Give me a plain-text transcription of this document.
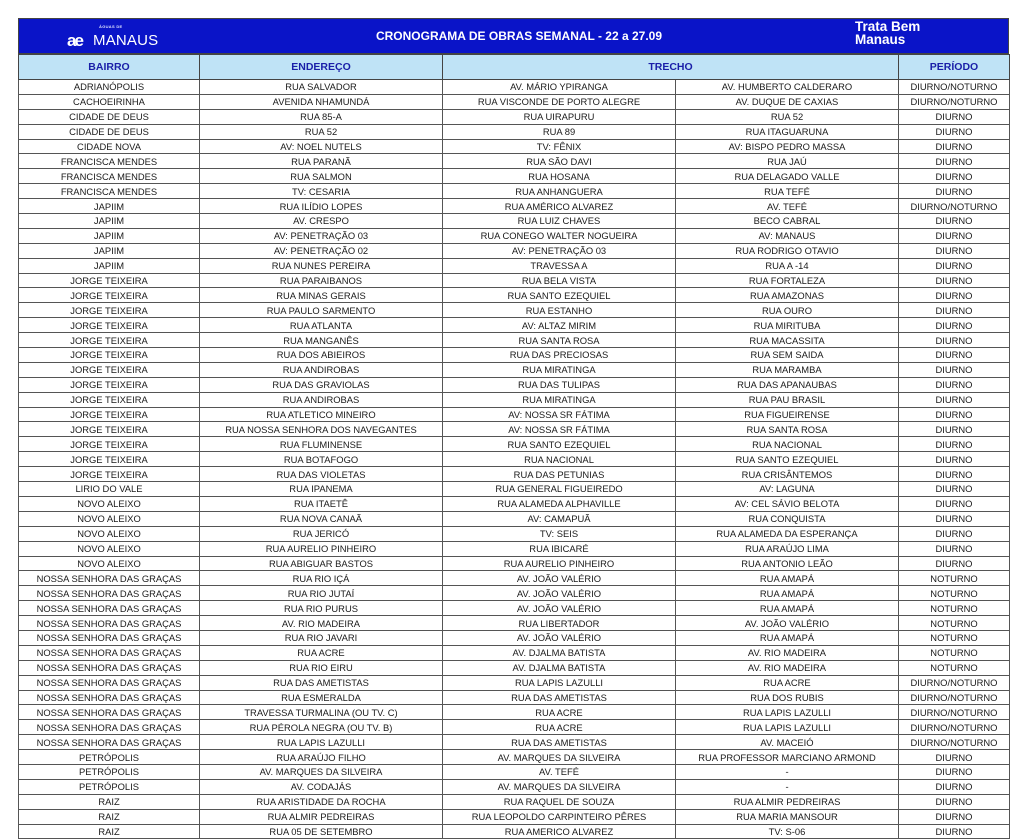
ÁGUAS DE
ae MANAUS	CRONOGRAMA DE OBRAS SEMANAL - 22 a 27.09
Trata Bem
Manaus
BAIRRO	ENDEREÇO	TRECHO		PERÍODO
ADRIANÓPOLIS	RUA SALVADOR	AV. MÁRIO YPIRANGA	AV. HUMBERTO CALDERARO	DIURNO/NOTURNO
CACHOEIRINHA	AVENIDA NHAMUNDÁ	RUA VISCONDE DE PORTO ALEGRE	AV. DUQUE DE CAXIAS	DIURNO/NOTURNO
CIDADE DE DEUS	RUA 85-A	RUA UIRAPURU	RUA 52	DIURNO
CIDADE DE DEUS	RUA 52	RUA 89	RUA ITAGUARUNA	DIURNO
CIDADE NOVA	AV: NOEL NUTELS	TV: FÊNIX	AV: BISPO PEDRO MASSA	DIURNO
FRANCISCA MENDES	RUA PARANÃ	RUA SÃO DAVI	RUA JAÚ	DIURNO
FRANCISCA MENDES	RUA SALMON	RUA HOSANA	RUA DELAGADO VALLE	DIURNO
FRANCISCA MENDES	TV: CESARIA	RUA ANHANGUERA	RUA TEFÉ	DIURNO
JAPIIM	RUA ILÍDIO LOPES	RUA AMÉRICO ALVAREZ	AV. TEFÉ	DIURNO/NOTURNO
JAPIIM	AV. CRESPO	RUA LUIZ CHAVES	BECO CABRAL	DIURNO
JAPIIM	AV: PENETRAÇÃO 03	RUA CONEGO WALTER NOGUEIRA	AV: MANAUS	DIURNO
JAPIIM	AV: PENETRAÇÃO 02	AV: PENETRAÇÃO 03	RUA RODRIGO OTAVIO	DIURNO
JAPIIM	RUA NUNES PEREIRA	TRAVESSA A	RUA A -14	DIURNO
JORGE TEIXEIRA	RUA PARAIBANOS	RUA BELA VISTA	RUA FORTALEZA	DIURNO
JORGE TEIXEIRA	RUA MINAS GERAIS	RUA SANTO EZEQUIEL	RUA AMAZONAS	DIURNO
JORGE TEIXEIRA	RUA PAULO SARMENTO	RUA ESTANHO	RUA OURO	DIURNO
JORGE TEIXEIRA	RUA ATLANTA	AV: ALTAZ MIRIM	RUA MIRITUBA	DIURNO
JORGE TEIXEIRA	RUA MANGANÊS	RUA SANTA ROSA	RUA MACASSITA	DIURNO
JORGE TEIXEIRA	RUA DOS ABIEIROS	RUA DAS PRECIOSAS	RUA SEM SAIDA	DIURNO
JORGE TEIXEIRA	RUA ANDIROBAS	RUA MIRATINGA	RUA MARAMBA	DIURNO
JORGE TEIXEIRA	RUA DAS GRAVIOLAS	RUA DAS TULIPAS	RUA DAS APANAUBAS	DIURNO
JORGE TEIXEIRA	RUA ANDIROBAS	RUA MIRATINGA	RUA PAU BRASIL	DIURNO
JORGE TEIXEIRA	RUA ATLETICO MINEIRO	AV: NOSSA SR FÁTIMA	RUA FIGUEIRENSE	DIURNO
JORGE TEIXEIRA	RUA NOSSA SENHORA DOS NAVEGANTES	AV: NOSSA SR FÁTIMA	RUA SANTA ROSA	DIURNO
JORGE TEIXEIRA	RUA FLUMINENSE	RUA SANTO EZEQUIEL	RUA NACIONAL	DIURNO
JORGE TEIXEIRA	RUA BOTAFOGO	RUA NACIONAL	RUA SANTO EZEQUIEL	DIURNO
JORGE TEIXEIRA	RUA DAS VIOLETAS	RUA DAS PETUNIAS	RUA CRISÂNTEMOS	DIURNO
LIRIO DO VALE	RUA IPANEMA	RUA GENERAL FIGUEIREDO	AV: LAGUNA	DIURNO
NOVO ALEIXO	RUA ITAETÊ	RUA ALAMEDA ALPHAVILLE	AV: CEL SÁVIO BELOTA	DIURNO
NOVO ALEIXO	RUA NOVA CANAÃ	AV: CAMAPUÃ	RUA CONQUISTA	DIURNO
NOVO ALEIXO	RUA JERICÓ	TV: SEIS	RUA ALAMEDA DA ESPERANÇA	DIURNO
NOVO ALEIXO	RUA AURELIO PINHEIRO	RUA IBICARÉ	RUA ARAÚJO LIMA	DIURNO
NOVO ALEIXO	RUA ABIGUAR BASTOS	RUA AURELIO PINHEIRO	RUA ANTONIO LEÃO	DIURNO
NOSSA SENHORA DAS GRAÇAS	RUA RIO IÇÁ	AV. JOÃO VALÉRIO	RUA AMAPÁ	NOTURNO
NOSSA SENHORA DAS GRAÇAS	RUA RIO JUTAÍ	AV. JOÃO VALÉRIO	RUA AMAPÁ	NOTURNO
NOSSA SENHORA DAS GRAÇAS	RUA RIO PURUS	AV. JOÃO VALÉRIO	RUA AMAPÁ	NOTURNO
NOSSA SENHORA DAS GRAÇAS	AV. RIO MADEIRA	RUA LIBERTADOR	AV. JOÃO VALÉRIO	NOTURNO
NOSSA SENHORA DAS GRAÇAS	RUA RIO JAVARI	AV. JOÃO VALÉRIO	RUA AMAPÁ	NOTURNO
NOSSA SENHORA DAS GRAÇAS	RUA ACRE	AV. DJALMA BATISTA	AV. RIO MADEIRA	NOTURNO
NOSSA SENHORA DAS GRAÇAS	RUA RIO EIRU	AV. DJALMA BATISTA	AV. RIO MADEIRA	NOTURNO
NOSSA SENHORA DAS GRAÇAS	RUA DAS AMETISTAS	RUA LAPIS LAZULLI	RUA ACRE	DIURNO/NOTURNO
NOSSA SENHORA DAS GRAÇAS	RUA ESMERALDA	RUA DAS AMETISTAS	RUA DOS RUBIS	DIURNO/NOTURNO
NOSSA SENHORA DAS GRAÇAS	TRAVESSA TURMALINA (OU TV. C)	RUA ACRE	RUA LAPIS LAZULLI	DIURNO/NOTURNO
NOSSA SENHORA DAS GRAÇAS	RUA PÉROLA NEGRA (OU TV. B)	RUA ACRE	RUA LAPIS LAZULLI	DIURNO/NOTURNO
NOSSA SENHORA DAS GRAÇAS	RUA LAPIS LAZULLI	RUA DAS AMETISTAS	AV. MACEIÓ	DIURNO/NOTURNO
PETRÓPOLIS	RUA ARAÚJO FILHO	AV. MARQUES DA SILVEIRA	RUA PROFESSOR MARCIANO ARMOND	DIURNO
PETRÓPOLIS	AV. MARQUES DA SILVEIRA	AV. TEFÉ	-	DIURNO
PETRÓPOLIS	AV. CODAJÁS	AV. MARQUES DA SILVEIRA	-	DIURNO
RAIZ	RUA ARISTIDADE DA ROCHA	RUA RAQUEL DE SOUZA	RUA ALMIR PEDREIRAS	DIURNO
RAIZ	RUA ALMIR PEDREIRAS	RUA LEOPOLDO CARPINTEIRO PÊRES	RUA MARIA MANSOUR	DIURNO
RAIZ	RUA 05 DE SETEMBRO	RUA AMERICO ALVAREZ	TV: S-06	DIURNO
